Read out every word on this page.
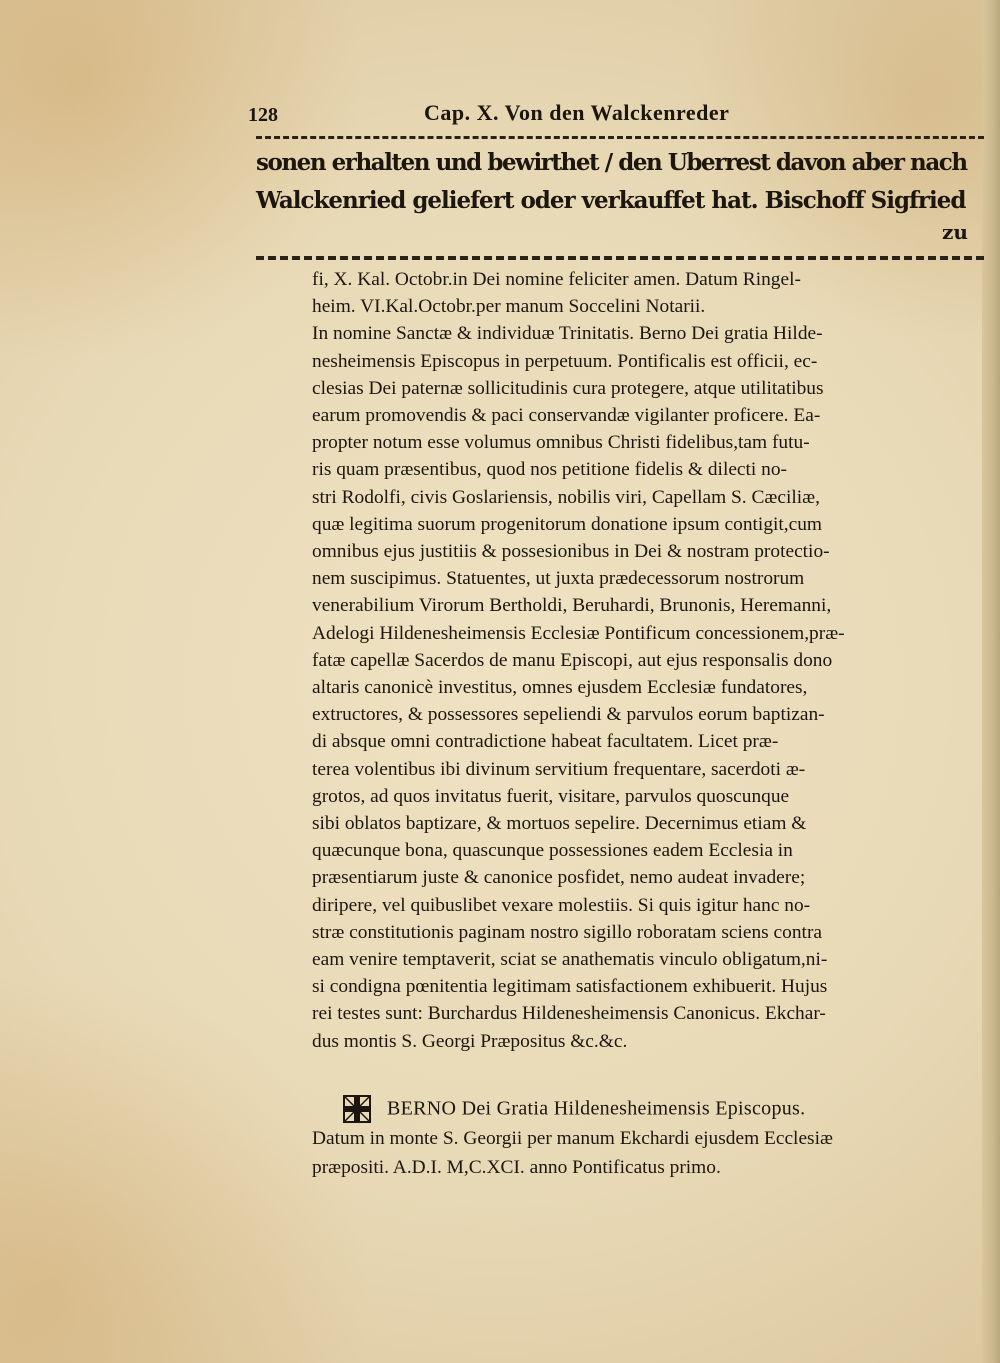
128	Cap. X. Von den Walckenreder
sonen erhalten und bewirthet / den Uberrest davon aber nach
Walckenried geliefert oder verkauffet hat. Bischoff Sigfried
zu
fi, X. Kal. Octobr.in Dei nomine feliciter amen. Datum Ringel-
heim. VI.Kal.Octobr.per manum Soccelini Notarii.
In nomine Sanctæ & individuæ Trinitatis. Berno Dei gratia Hilde-
nesheimensis Episcopus in perpetuum. Pontificalis est officii, ec-
clesias Dei paternæ sollicitudinis cura protegere, atque utilitatibus
earum promovendis & paci conservandæ vigilanter proficere. Ea-
propter notum esse volumus omnibus Christi fidelibus,tam futu-
ris quam præsentibus, quod nos petitione fidelis & dilecti no-
stri Rodolfi, civis Goslariensis, nobilis viri, Capellam S. Cæciliæ,
quæ legitima suorum progenitorum donatione ipsum contigit,cum
omnibus ejus justitiis & possesionibus in Dei & nostram protectio-
nem suscipimus. Statuentes, ut juxta prædecessorum nostrorum
venerabilium Virorum Bertholdi, Beruhardi, Brunonis, Heremanni,
Adelogi Hildenesheimensis Ecclesiæ Pontificum concessionem,præ-
fatæ capellæ Sacerdos de manu Episcopi, aut ejus responsalis dono
altaris canonicè investitus, omnes ejusdem Ecclesiæ fundatores,
extructores, & possessores sepeliendi & parvulos eorum baptizan-
di absque omni contradictione habeat facultatem. Licet præ-
terea volentibus ibi divinum servitium frequentare, sacerdoti æ-
grotos, ad quos invitatus fuerit, visitare, parvulos quoscunque
sibi oblatos baptizare, & mortuos sepelire. Decernimus etiam &
quæcunque bona, quascunque possessiones eadem Ecclesia in
præsentiarum juste & canonice posfidet, nemo audeat invadere;
diripere, vel quibuslibet vexare molestiis. Si quis igitur hanc no-
stræ constitutionis paginam nostro sigillo roboratam sciens contra
eam venire temptaverit, sciat se anathematis vinculo obligatum,ni-
si condigna pœnitentia legitimam satisfactionem exhibuerit. Hujus
rei testes sunt: Burchardus Hildenesheimensis Canonicus. Ekchar-
dus montis S. Georgi Præpositus &c.&c.
BERNO Dei Gratia Hildenesheimensis Episcopus.
Datum in monte S. Georgii per manum Ekchardi ejusdem Ecclesiæ
præpositi. A.D.I. M,C.XCI. anno Pontificatus primo.
